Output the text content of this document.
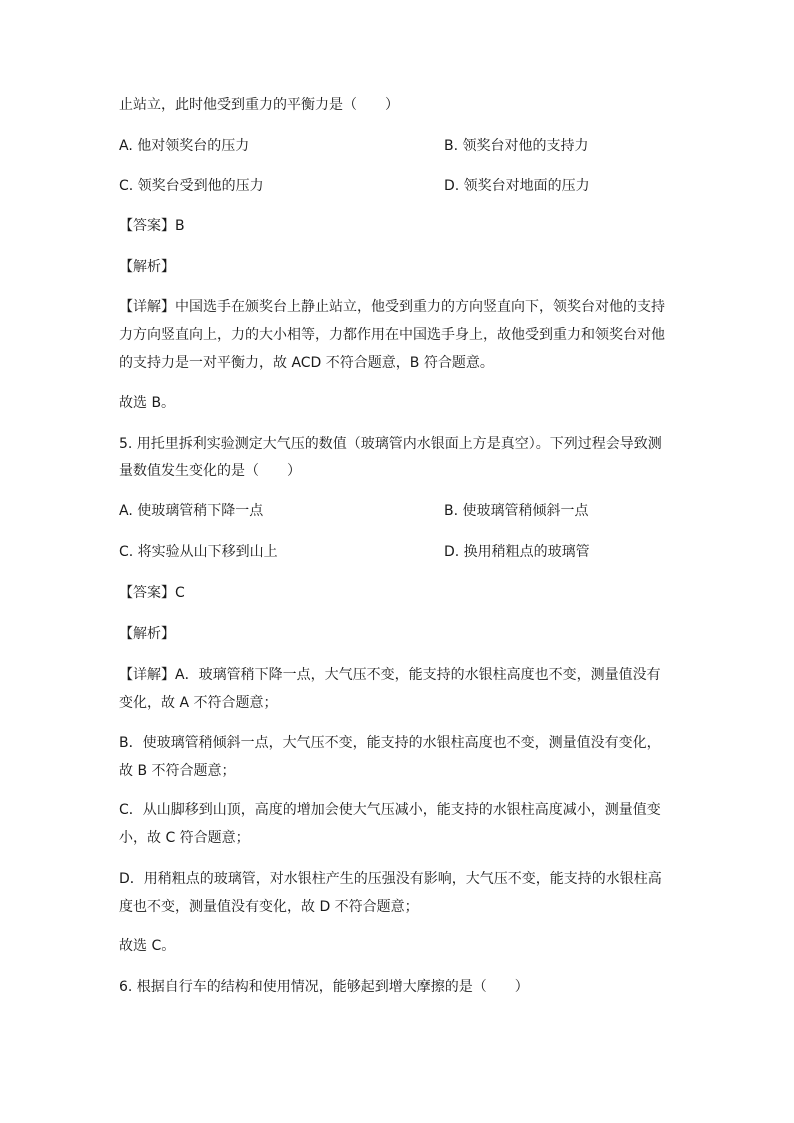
止站立，此时他受到重力的平衡力是（　　）
A. 他对领奖台的压力	B. 领奖台对他的支持力
C. 领奖台受到他的压力	D. 领奖台对地面的压力
【答案】B
【解析】
【详解】中国选手在颁奖台上静止站立，他受到重力的方向竖直向下，领奖台对他的支持
力方向竖直向上，力的大小相等，力都作用在中国选手身上，故他受到重力和领奖台对他
的支持力是一对平衡力，故 ACD 不符合题意，B 符合题意。
故选 B。
5. 用托里拆利实验测定大气压的数值（玻璃管内水银面上方是真空）。下列过程会导致测
量数值发生变化的是（　　）
A. 使玻璃管稍下降一点	B. 使玻璃管稍倾斜一点
C. 将实验从山下移到山上	D. 换用稍粗点的玻璃管
【答案】C
【解析】
【详解】A．玻璃管稍下降一点，大气压不变，能支持的水银柱高度也不变，测量值没有
变化，故 A 不符合题意；
B．使玻璃管稍倾斜一点，大气压不变，能支持的水银柱高度也不变，测量值没有变化，
故 B 不符合题意；
C．从山脚移到山顶，高度的增加会使大气压减小，能支持的水银柱高度减小，测量值变
小，故 C 符合题意；
D．用稍粗点的玻璃管，对水银柱产生的压强没有影响，大气压不变，能支持的水银柱高
度也不变，测量值没有变化，故 D 不符合题意；
故选 C。
6. 根据自行车的结构和使用情况，能够起到增大摩擦的是（　　）
